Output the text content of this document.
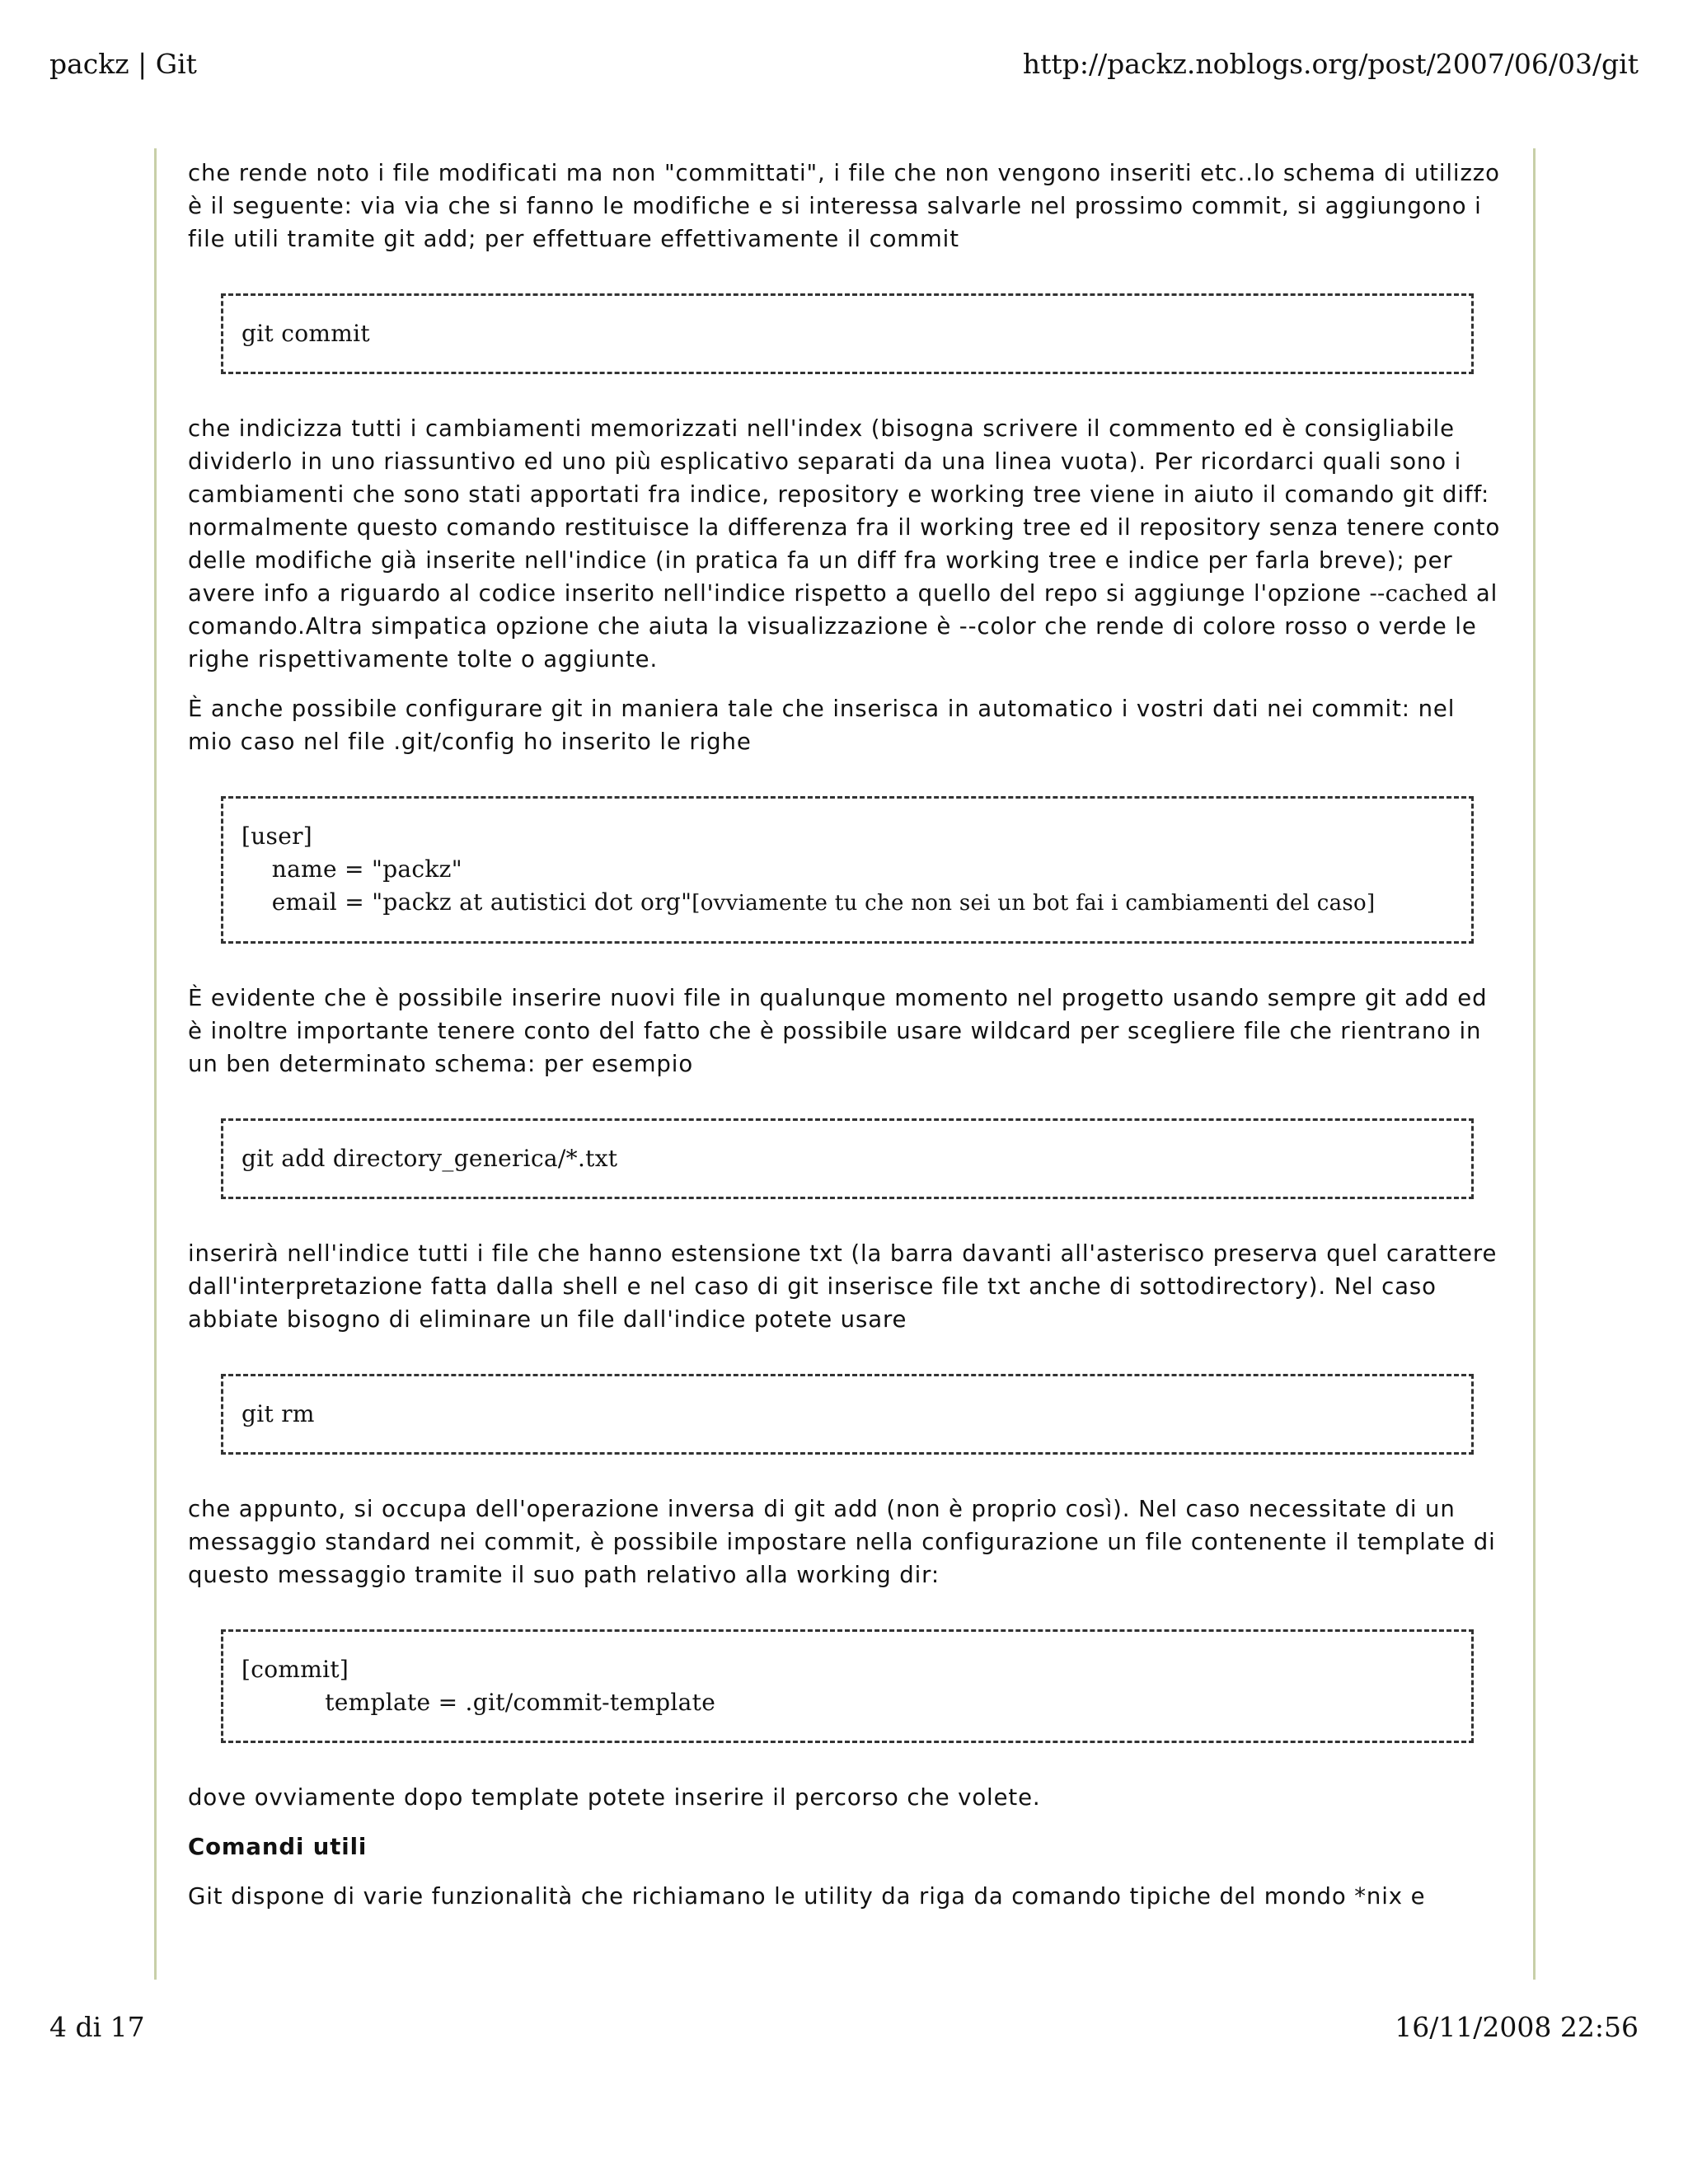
packz | Git	http://packz.noblogs.org/post/2007/06/03/git

che rende noto i file modificati ma non "committati", i file che non vengono inseriti etc..lo schema di utilizzo è il seguente: via via che si fanno le modifiche e si interessa salvarle nel prossimo commit, si aggiungono i file utili tramite git add; per effettuare effettivamente il commit

git commit

che indicizza tutti i cambiamenti memorizzati nell'index (bisogna scrivere il commento ed è consigliabile dividerlo in uno riassuntivo ed uno più esplicativo separati da una linea vuota). Per ricordarci quali sono i cambiamenti che sono stati apportati fra indice, repository e working tree viene in aiuto il comando git diff: normalmente questo comando restituisce la differenza fra il working tree ed il repository senza tenere conto delle modifiche già inserite nell'indice (in pratica fa un diff fra working tree e indice per farla breve); per avere info a riguardo al codice inserito nell'indice rispetto a quello del repo si aggiunge l'opzione --cached al comando.Altra simpatica opzione che aiuta la visualizzazione è --color che rende di colore rosso o verde le righe rispettivamente tolte o aggiunte.

È anche possibile configurare git in maniera tale che inserisca in automatico i vostri dati nei commit: nel mio caso nel file .git/config ho inserito le righe

[user]
name = "packz"
email = "packz at autistici dot org"[ovviamente tu che non sei un bot fai i cambiamenti del caso]

È evidente che è possibile inserire nuovi file in qualunque momento nel progetto usando sempre git add ed è inoltre importante tenere conto del fatto che è possibile usare wildcard per scegliere file che rientrano in un ben determinato schema: per esempio

git add directory_generica/*.txt

inserirà nell'indice tutti i file che hanno estensione txt (la barra davanti all'asterisco preserva quel carattere dall'interpretazione fatta dalla shell e nel caso di git inserisce file txt anche di sottodirectory). Nel caso abbiate bisogno di eliminare un file dall'indice potete usare

git rm

che appunto, si occupa dell'operazione inversa di git add (non è proprio così). Nel caso necessitate di un messaggio standard nei commit, è possibile impostare nella configurazione un file contenente il template di questo messaggio tramite il suo path relativo alla working dir:

[commit]
template = .git/commit-template

dove ovviamente dopo template potete inserire il percorso che volete.

Comandi utili

Git dispone di varie funzionalità che richiamano le utility da riga da comando tipiche del mondo *nix e

4 di 17	16/11/2008 22:56
